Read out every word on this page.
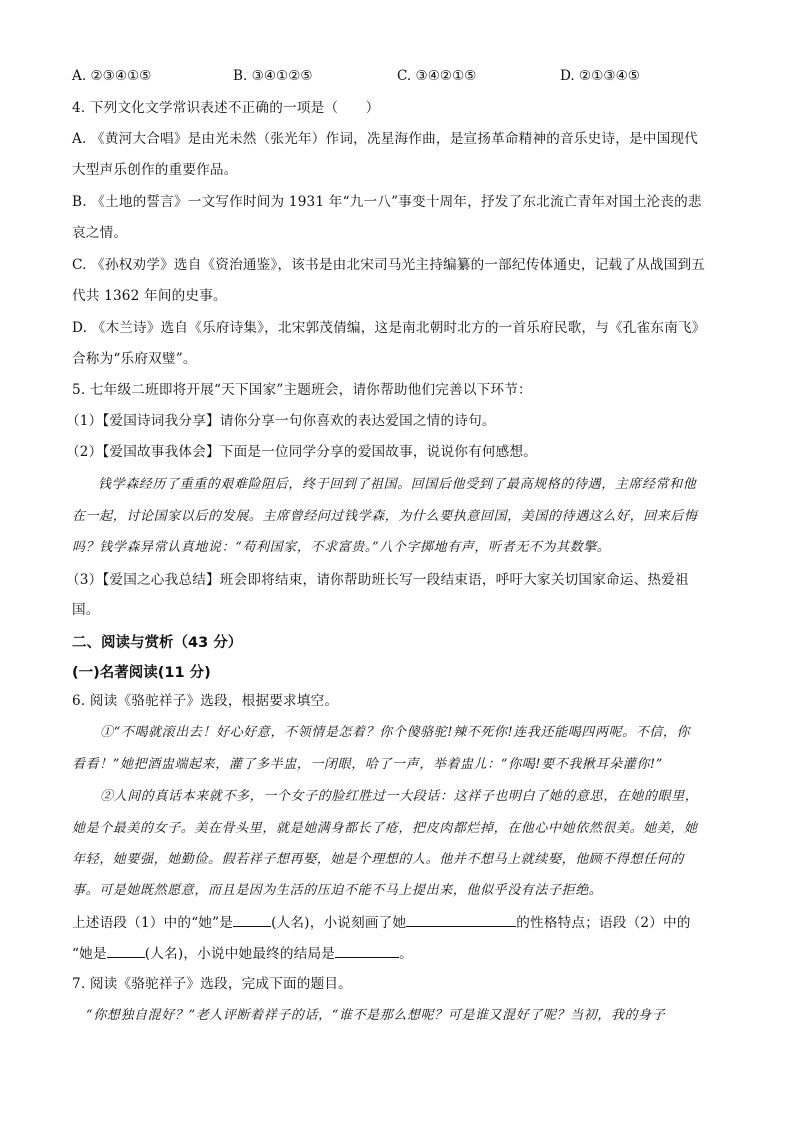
A. ②③④①⑤	B. ③④①②⑤	C. ③④②①⑤	D. ②①③④⑤
4. 下列文化文学常识表述不正确的一项是（　　）
A. 《黄河大合唱》是由光未然（张光年）作词，冼星海作曲，是宣扬革命精神的音乐史诗，是中国现代
大型声乐创作的重要作品。
B. 《土地的誓言》一文写作时间为 1931 年“九一八”事变十周年，抒发了东北流亡青年对国土沦丧的悲
哀之情。
C. 《孙权劝学》选自《资治通鉴》，该书是由北宋司马光主持编纂的一部纪传体通史，记载了从战国到五
代共 1362 年间的史事。
D. 《木兰诗》选自《乐府诗集》，北宋郭茂倩编，这是南北朝时北方的一首乐府民歌，与《孔雀东南飞》
合称为“乐府双璧”。
5. 七年级二班即将开展“天下国家”主题班会，请你帮助他们完善以下环节：
（1）【爱国诗词我分享】请你分享一句你喜欢的表达爱国之情的诗句。
（2）【爱国故事我体会】下面是一位同学分享的爱国故事，说说你有何感想。
钱学森经历了重重的艰难险阻后，终于回到了祖国。回国后他受到了最高规格的待遇，主席经常和他
在一起，讨论国家以后的发展。主席曾经问过钱学森，为什么要执意回国，美国的待遇这么好，回来后悔
吗？钱学森异常认真地说：“苟利国家，不求富贵。”八个字掷地有声，听者无不为其数擎。
（3）【爱国之心我总结】班会即将结束，请你帮助班长写一段结束语，呼吁大家关切国家命运、热爱祖
国。
二、阅读与赏析（43 分）
(一)名著阅读(11 分)
6. 阅读《骆驼祥子》选段，根据要求填空。
①“不喝就滚出去！好心好意，不领情是怎着？你个傻骆驼!辣不死你!连我还能喝四两呢。不信，你
看看！”她把酒盅端起来，灌了多半盅，一闭眼，哈了一声，举着盅儿：“你喝!要不我揪耳朵灌你!”
②人间的真话本来就不多，一个女子的脸红胜过一大段话：这祥子也明白了她的意思，在她的眼里，
她是个最美的女子。美在骨头里，就是她满身都长了疮，把皮肉都烂掉，在他心中她依然很美。她美，她
年轻，她要强，她勤俭。假若祥子想再娶，她是个理想的人。他并不想马上就续娶，他顾不得想任何的
事。可是她既然愿意，而且是因为生活的压迫不能不马上提出来，他似乎没有法子拒绝。
上述语段（1）中的“她”是	(人名)，小说刻画了她	的性格特点；语段（2）中的
“她是	(人名)，小说中她最终的结局是	。
7. 阅读《骆驼祥子》选段，完成下面的题目。
“你想独自混好？”老人评断着祥子的话，“谁不是那么想呢？可是谁又混好了呢？当初，我的身子
